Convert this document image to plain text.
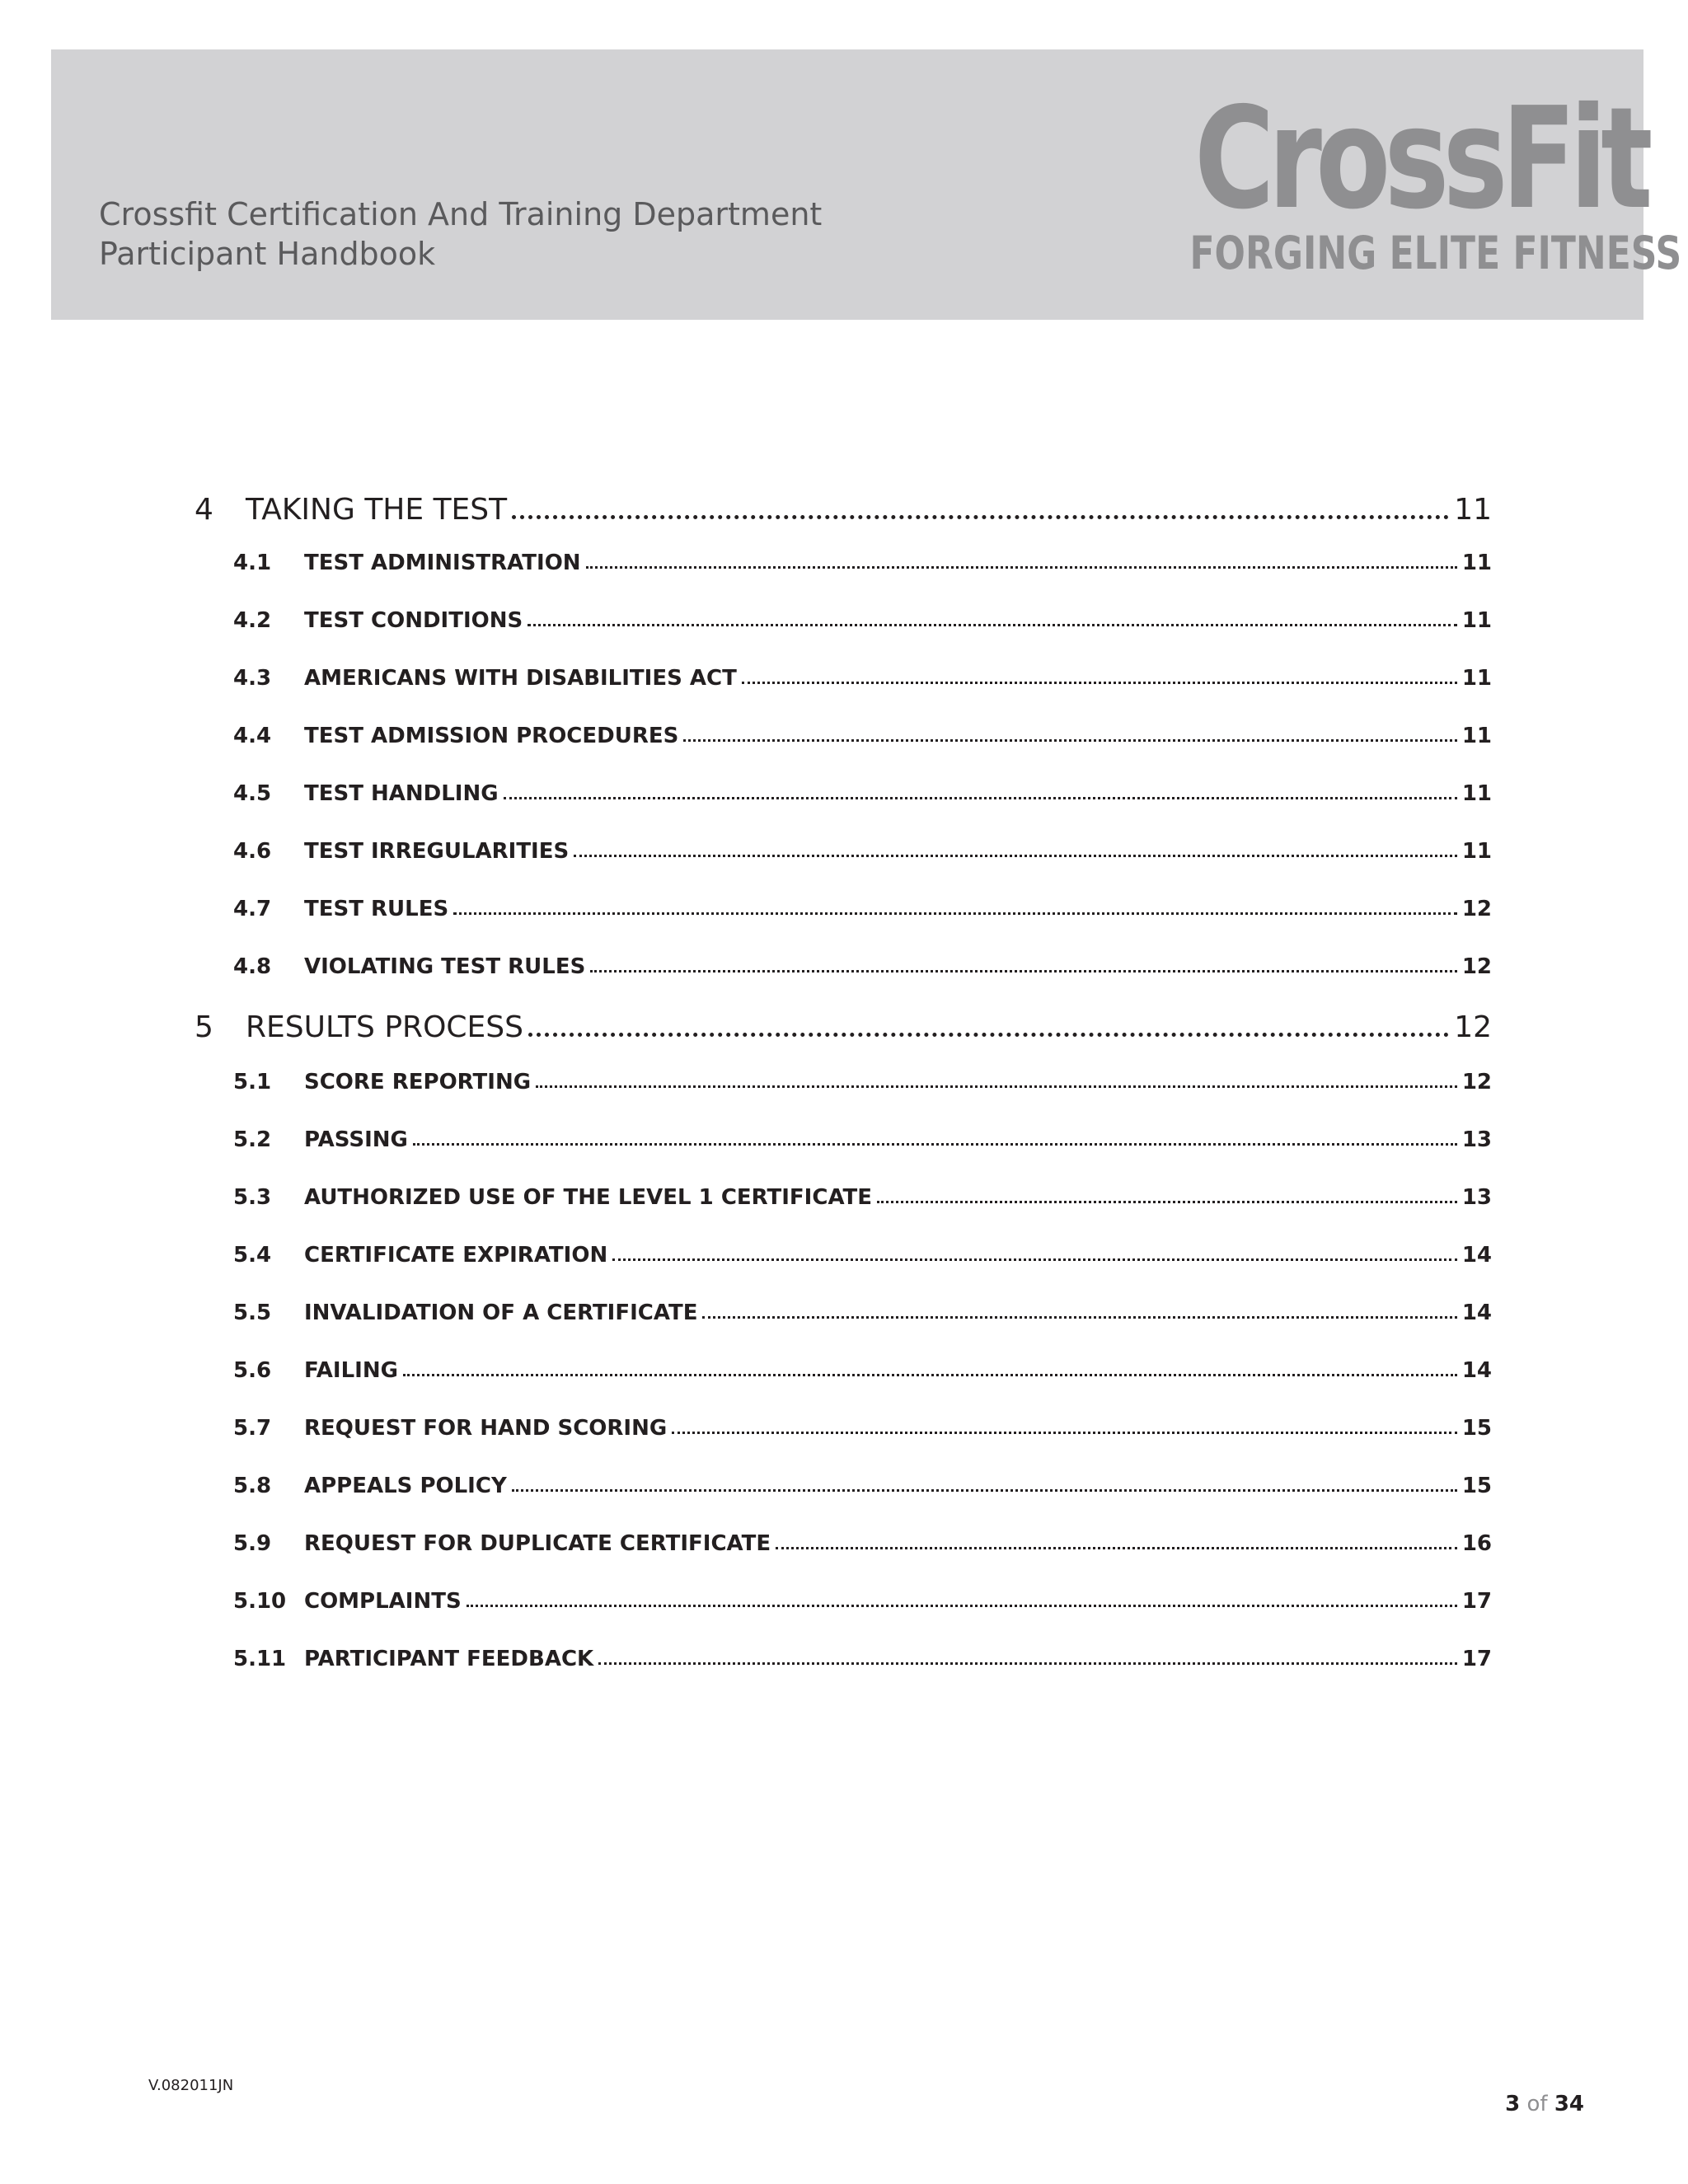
Crossfit Certification And Training Department
Participant Handbook
CrossFit
FORGING ELITE FITNESS
4	TAKING THE TEST	11
4.1	TEST ADMINISTRATION	11
4.2	TEST CONDITIONS	11
4.3	AMERICANS WITH DISABILITIES ACT	11
4.4	TEST ADMISSION PROCEDURES	11
4.5	TEST HANDLING	11
4.6	TEST IRREGULARITIES	11
4.7	TEST RULES	12
4.8	VIOLATING TEST RULES	12
5	RESULTS PROCESS	12
5.1	SCORE REPORTING	12
5.2	PASSING	13
5.3	AUTHORIZED USE OF THE LEVEL 1 CERTIFICATE	13
5.4	CERTIFICATE EXPIRATION	14
5.5	INVALIDATION OF A CERTIFICATE	14
5.6	FAILING	14
5.7	REQUEST FOR HAND SCORING	15
5.8	APPEALS POLICY	15
5.9	REQUEST FOR DUPLICATE CERTIFICATE	16
5.10 COMPLAINTS	17
5.11 PARTICIPANT FEEDBACK	17
V.082011JN
3 of 34
